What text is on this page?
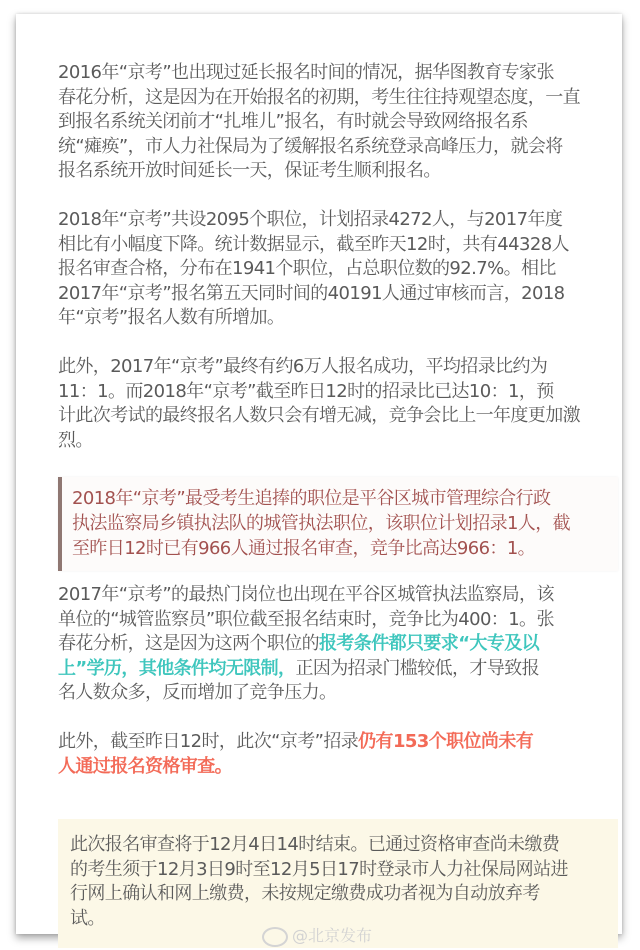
2016年“京考”也出现过延长报名时间的情况，据华图教育专家张
春花分析，这是因为在开始报名的初期，考生往往持观望态度，一直
到报名系统关闭前才“扎堆儿”报名，有时就会导致网络报名系
统“瘫痪”，市人力社保局为了缓解报名系统登录高峰压力，就会将
报名系统开放时间延长一天，保证考生顺利报名。
2018年“京考”共设2095个职位，计划招录4272人，与2017年度
相比有小幅度下降。统计数据显示，截至昨天12时，共有44328人
报名审查合格，分布在1941个职位，占总职位数的92.7%。相比
2017年“京考”报名第五天同时间的40191人通过审核而言，2018
年“京考”报名人数有所增加。
此外，2017年“京考”最终有约6万人报名成功，平均招录比约为
11：1。而2018年“京考”截至昨日12时的招录比已达10：1，预
计此次考试的最终报名人数只会有增无减，竞争会比上一年度更加激
烈。
2018年“京考”最受考生追捧的职位是平谷区城市管理综合行政
执法监察局乡镇执法队的城管执法职位，该职位计划招录1人，截
至昨日12时已有966人通过报名审查，竞争比高达966：1。
2017年“京考”的最热门岗位也出现在平谷区城管执法监察局，该
单位的“城管监察员”职位截至报名结束时，竞争比为400：1。张
春花分析，这是因为这两个职位的报考条件都只要求“大专及以
上”学历，其他条件均无限制，正因为招录门槛较低，才导致报
名人数众多，反而增加了竞争压力。
此外，截至昨日12时，此次“京考”招录仍有153个职位尚未有
人通过报名资格审查。
此次报名审查将于12月4日14时结束。已通过资格审查尚未缴费
的考生须于12月3日9时至12月5日17时登录市人力社保局网站进
行网上确认和网上缴费，未按规定缴费成功者视为自动放弃考
试。
@北京发布
